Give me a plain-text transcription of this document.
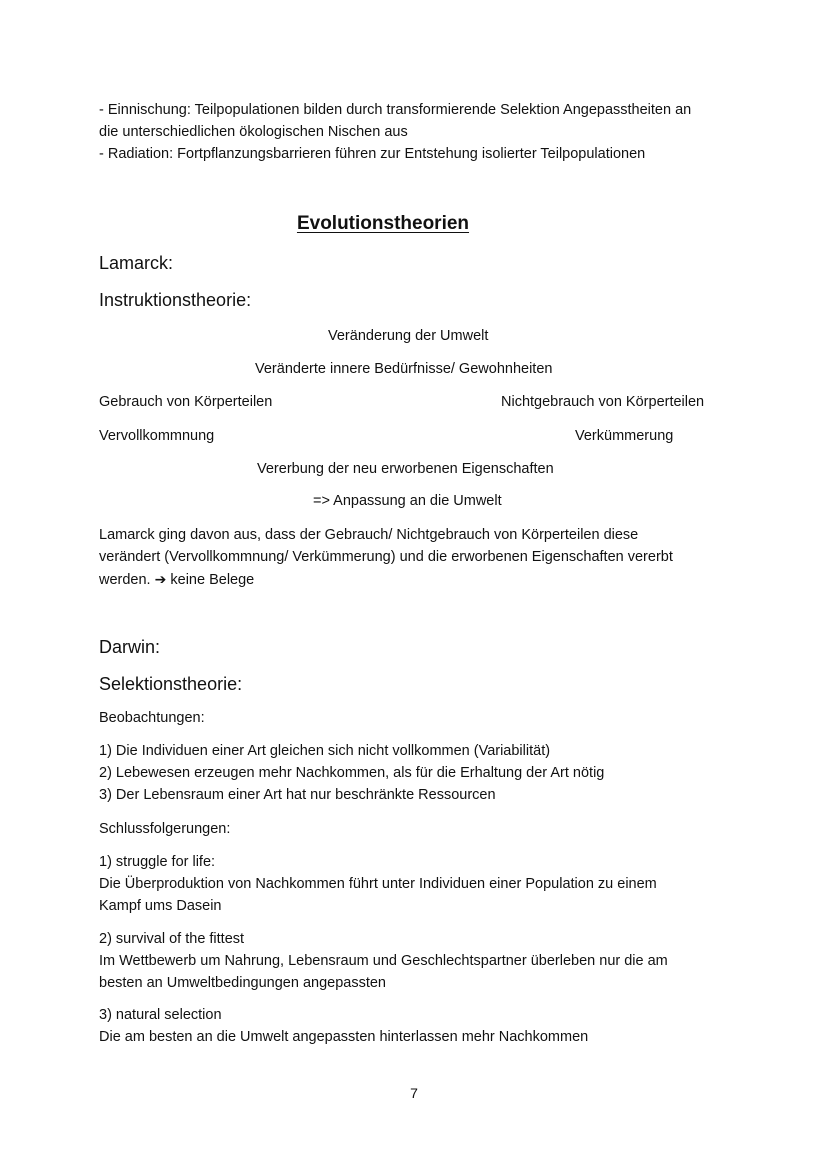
- Einnischung: Teilpopulationen bilden durch transformierende Selektion Angepasstheiten an

die unterschiedlichen ökologischen Nischen aus

- Radiation: Fortpflanzungsbarrieren führen zur Entstehung isolierter Teilpopulationen

Evolutionstheorien

Lamarck:

Instruktionstheorie:

Veränderung der Umwelt

Veränderte innere Bedürfnisse/ Gewohnheiten

Gebrauch von Körperteilen	Nichtgebrauch von Körperteilen

Vervollkommnung	Verkümmerung

Vererbung der neu erworbenen Eigenschaften

=> Anpassung an die Umwelt

Lamarck ging davon aus, dass der Gebrauch/ Nichtgebrauch von Körperteilen diese

verändert (Vervollkommnung/ Verkümmerung) und die erworbenen Eigenschaften vererbt

werden. ➔ keine Belege

Darwin:

Selektionstheorie:

Beobachtungen:

1) Die Individuen einer Art gleichen sich nicht vollkommen (Variabilität)

2) Lebewesen erzeugen mehr Nachkommen, als für die Erhaltung der Art nötig

3) Der Lebensraum einer Art hat nur beschränkte Ressourcen

Schlussfolgerungen:

1) struggle for life:

Die Überproduktion von Nachkommen führt unter Individuen einer Population zu einem

Kampf ums Dasein

2) survival of the fittest

Im Wettbewerb um Nahrung, Lebensraum und Geschlechtspartner überleben nur die am

besten an Umweltbedingungen angepassten

3) natural selection

Die am besten an die Umwelt angepassten hinterlassen mehr Nachkommen

7
